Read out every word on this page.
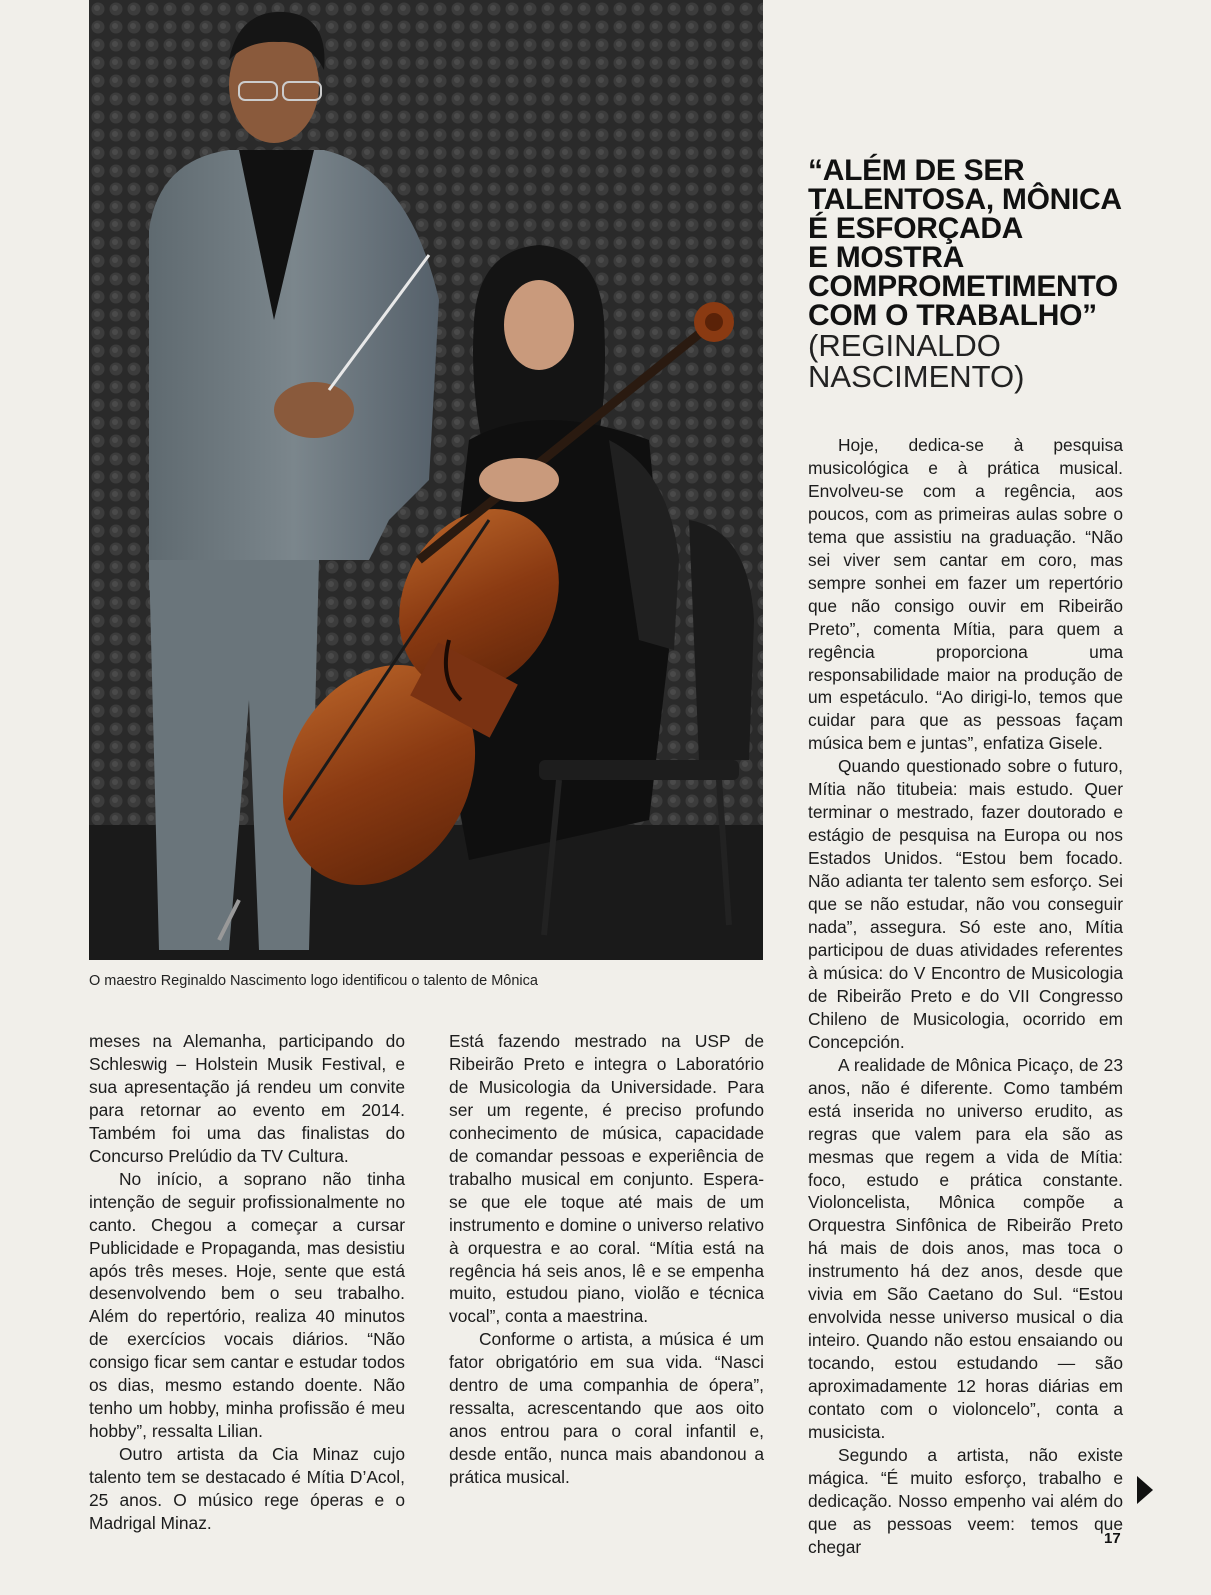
O maestro Reginaldo Nascimento logo identificou o talento de Mônica

“ALÉM DE SER
TALENTOSA, MÔNICA
É ESFORÇADA
E MOSTRA
COMPROMETIMENTO
COM O TRABALHO”

(REGINALDO
NASCIMENTO)

meses na Alemanha, participando do Schleswig – Holstein Musik Festival, e sua apresentação já rendeu um convite para retornar ao evento em 2014. Também foi uma das finalistas do Concurso Prelúdio da TV Cultura.

No início, a soprano não tinha intenção de seguir profissionalmente no canto. Chegou a começar a cursar Publicidade e Propaganda, mas desistiu após três meses. Hoje, sente que está desenvolvendo bem o seu trabalho. Além do repertório, realiza 40 minutos de exercícios vocais diários. “Não consigo ficar sem cantar e estudar todos os dias, mesmo estando doente. Não tenho um hobby, minha profissão é meu hobby”, ressalta Lilian.

Outro artista da Cia Minaz cujo talento tem se destacado é Mítia D’Acol, 25 anos. O músico rege óperas e o Madrigal Minaz.

Está fazendo mestrado na USP de Ribeirão Preto e integra o Laboratório de Musicologia da Universidade. Para ser um regente, é preciso profundo conhecimento de música, capacidade de comandar pessoas e experiência de trabalho musical em conjunto. Espera-se que ele toque até mais de um instrumento e domine o universo relativo à orquestra e ao coral. “Mítia está na regência há seis anos, lê e se empenha muito, estudou piano, violão e técnica vocal”, conta a maestrina.

Conforme o artista, a música é um fator obrigatório em sua vida. “Nasci dentro de uma companhia de ópera”, ressalta, acrescentando que aos oito anos entrou para o coral infantil e, desde então, nunca mais abandonou a prática musical.

Hoje, dedica-se à pesquisa musicológica e à prática musical. Envolveu-se com a regência, aos poucos, com as primeiras aulas sobre o tema que assistiu na graduação. “Não sei viver sem cantar em coro, mas sempre sonhei em fazer um repertório que não consigo ouvir em Ribeirão Preto”, comenta Mítia, para quem a regência proporciona uma responsabilidade maior na produção de um espetáculo. “Ao dirigi-lo, temos que cuidar para que as pessoas façam música bem e juntas”, enfatiza Gisele.

Quando questionado sobre o futuro, Mítia não titubeia: mais estudo. Quer terminar o mestrado, fazer doutorado e estágio de pesquisa na Europa ou nos Estados Unidos. “Estou bem focado. Não adianta ter talento sem esforço. Sei que se não estudar, não vou conseguir nada”, assegura. Só este ano, Mítia participou de duas atividades referentes à música: do V Encontro de Musicologia de Ribeirão Preto e do VII Congresso Chileno de Musicologia, ocorrido em Concepción.

A realidade de Mônica Picaço, de 23 anos, não é diferente. Como também está inserida no universo erudito, as regras que valem para ela são as mesmas que regem a vida de Mítia: foco, estudo e prática constante. Violoncelista, Mônica compõe a Orquestra Sinfônica de Ribeirão Preto há mais de dois anos, mas toca o instrumento há dez anos, desde que vivia em São Caetano do Sul. “Estou envolvida nesse universo musical o dia inteiro. Quando não estou ensaiando ou tocando, estou estudando — são aproximadamente 12 horas diárias em contato com o violoncelo”, conta a musicista.

Segundo a artista, não existe mágica. “É muito esforço, trabalho e dedicação. Nosso empenho vai além do que as pessoas veem: temos que chegar	17
